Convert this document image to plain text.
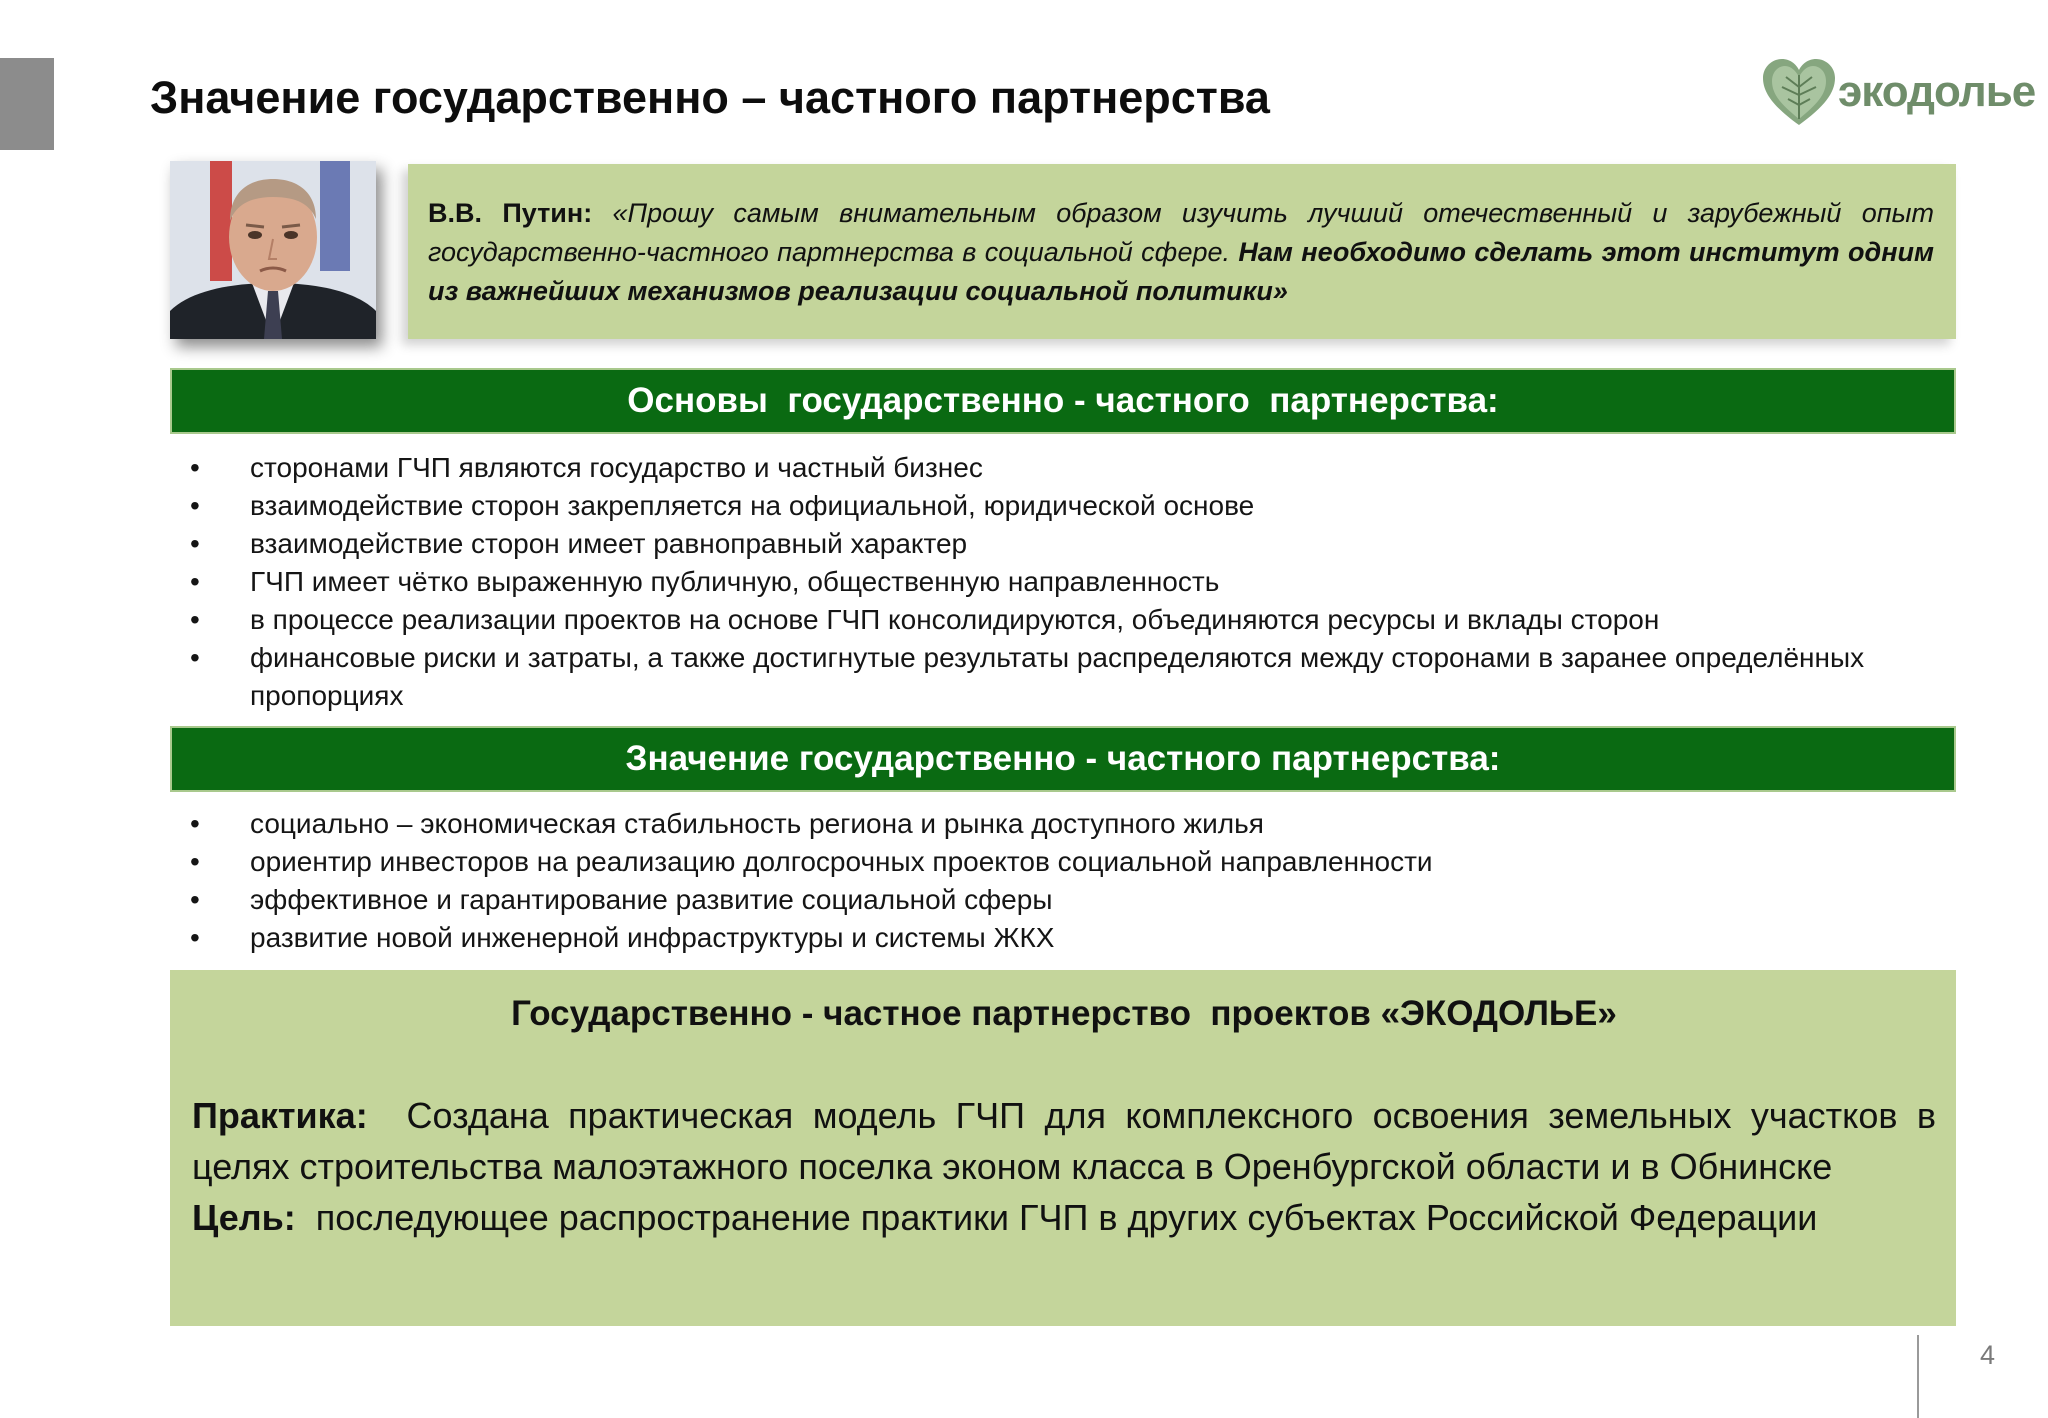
Значение государственно – частного партнерства	экодолье
В.В. Путин: «Прошу самым внимательным образом изучить лучший отечественный и зарубежный опыт государственно-частного партнерства в социальной сфере. Нам необходимо сделать этот институт одним из важнейших механизмов реализации социальной политики»
Основы  государственно - частного  партнерства:
• сторонами ГЧП являются государство и частный бизнес
• взаимодействие сторон закрепляется на официальной, юридической основе
• взаимодействие сторон имеет равноправный характер
• ГЧП имеет чётко выраженную публичную, общественную направленность
• в процессе реализации проектов на основе ГЧП консолидируются, объединяются ресурсы и вклады сторон
• финансовые риски и затраты, а также достигнутые результаты распределяются между сторонами в заранее определённых пропорциях
Значение государственно - частного партнерства:
• социально – экономическая стабильность региона и рынка доступного жилья
• ориентир инвесторов на реализацию долгосрочных проектов социальной направленности
• эффективное и гарантирование развитие социальной сферы
• развитие новой инженерной инфраструктуры и системы ЖКХ
Государственно - частное партнерство  проектов «ЭКОДОЛЬЕ»
Практика: Создана практическая модель ГЧП для комплексного освоения земельных участков в целях строительства малоэтажного поселка эконом класса в Оренбургской области и в Обнинске
Цель: последующее распространение практики ГЧП в других субъектах Российской Федерации
4
